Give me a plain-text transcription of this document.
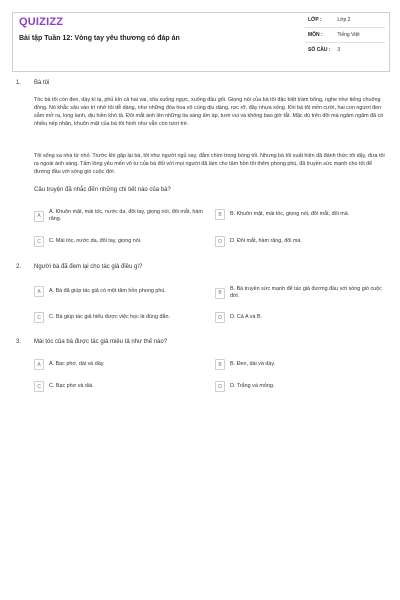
QUIZIZZ
Bài tập Tuần 12: Vòng tay yêu thương có đáp án
LỚP :	Lớp 2
MÔN :	Tiếng Việt
SỐ CÂU : 3
1. Bà tôi
Tóc bà tôi còn đen, dày kì lạ, phủ kín cả hai vai, xõa xuống ngực, xuống đầu gối. Giọng nói của bà tôi đặc biệt trầm bổng, nghe như tiếng chuông đồng. Nó khắc sâu vào trí nhớ tôi dễ dàng, như những đóa hoa vô cùng dịu dàng, rực rỡ, đầy nhựa sống. Khi bà tôi mỉm cười, hai con ngươi đen sẫm mở ra, long lanh, dịu hiền khó tả. Đôi mắt ánh lên những tia sáng ấm áp, tươi vui và không bao giờ tắt. Mặc dù trên đôi má ngăm ngăm đã có nhiều nếp nhăn, khuôn mặt của bà tôi hình như vẫn còn tươi trẻ.
Tôi sống xa nhà từ nhỏ. Trước khi gặp lại bà, tôi như người ngủ say, đắm chìm trong bóng tối. Nhưng bà tôi xuất hiện đã đánh thức tôi dậy, đưa tôi ra ngoài ánh sáng. Tấm lòng yêu mến vô tư của bà đối với mọi người đã làm cho tâm hồn tôi thêm phong phú, đã truyền sức mạnh cho tôi để đương đầu với sóng gió cuộc đời.
Câu truyện đã nhắc đến những chi tiết nào của bà?
A
A. Khuôn mặt, mái tóc, nước da, đôi tay, giọng nói, đôi mắt, hàm răng.
B	B. Khuôn mặt, mái tóc, giọng nói, đôi mắt, đôi má.
C	C. Mái tóc, nước da, đôi tay, giọng nói.	D	D. Đôi mắt, hàm răng, đôi má.
2. Người bà đã đem lại cho tác giả điều gì?
A	A. Bà đã giúp tác giả có một tâm hồn phong phú.	B
B. Bà truyền sức mạnh để tác giả đương đầu với sóng gió cuộc đời.
C	C. Bà giúp tác giả hiểu được việc học là đúng đắn.	D	D. Cả A và B.
3. Mái tóc của bà được tác giả miêu tả như thế nào?
A	A. Bạc phơ, dài và dày.	B	B. Đen, dài và dày.
C	C. Bạc phơ và dài.	D	D. Trắng và mỏng.
